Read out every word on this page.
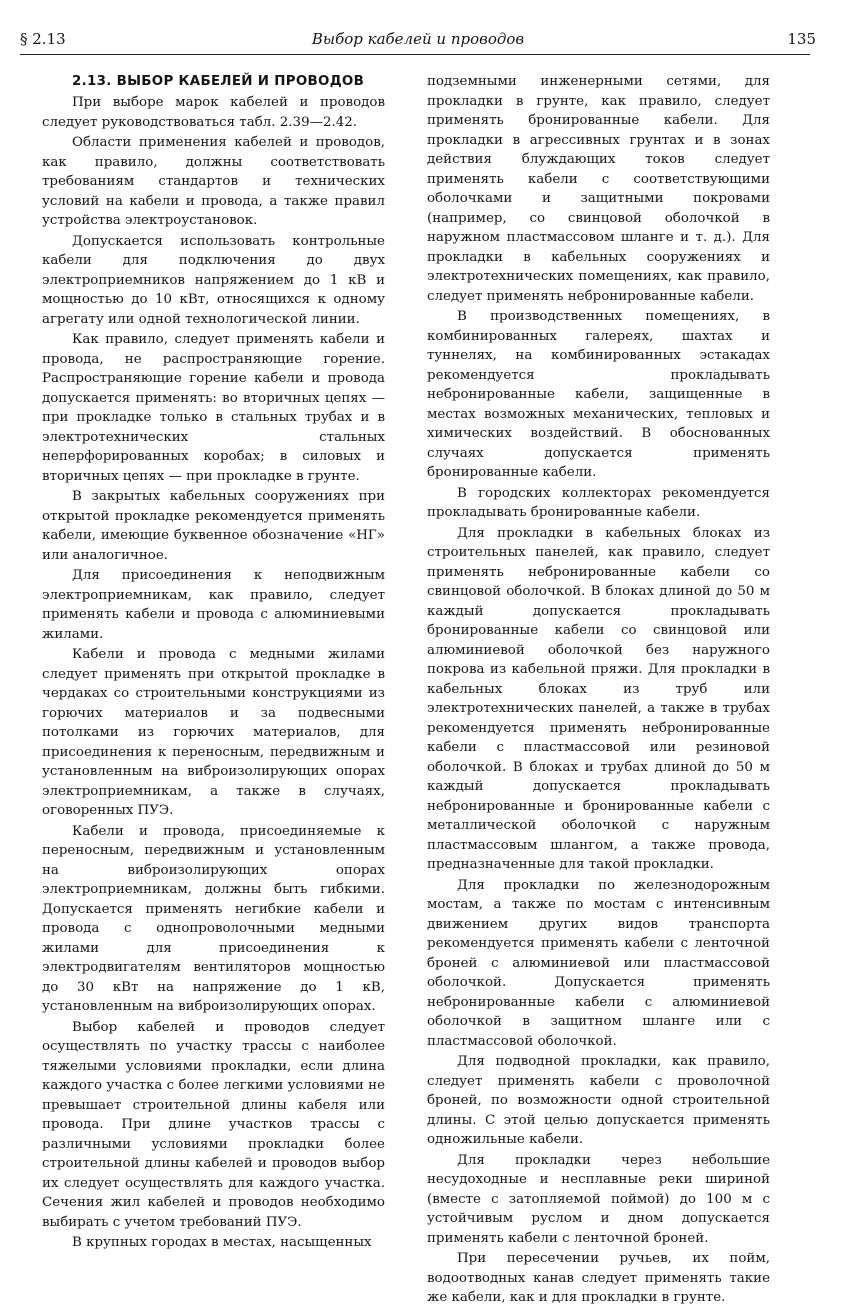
§ 2.13	Выбор кабелей и проводов	135

2.13. ВЫБОР КАБЕЛЕЙ И ПРОВОДОВ

При выборе марок кабелей и проводов следует руководствоваться табл. 2.39—2.42.

Области применения кабелей и проводов, как правило, должны соответствовать требованиям стандартов и технических условий на кабели и провода, а также правил устройства электроустановок.

Допускается использовать контрольные кабели для подключения до двух электроприемников напряжением до 1 кВ и мощностью до 10 кВт, относящихся к одному агрегату или одной технологической линии.

Как правило, следует применять кабели и провода, не распространяющие горение. Распространяющие горение кабели и провода допускается применять: во вторичных цепях — при прокладке только в стальных трубах и в электротехнических стальных неперфорированных коробах; в силовых и вторичных цепях — при прокладке в грунте.

В закрытых кабельных сооружениях при открытой прокладке рекомендуется применять кабели, имеющие буквенное обозначение «НГ» или аналогичное.

Для присоединения к неподвижным электроприемникам, как правило, следует применять кабели и провода с алюминиевыми жилами.

Кабели и провода с медными жилами следует применять при открытой прокладке в чердаках со строительными конструкциями из горючих материалов и за подвесными потолками из горючих материалов, для присоединения к переносным, передвижным и установленным на виброизолирующих опорах электроприемникам, а также в случаях, оговоренных ПУЭ.

Кабели и провода, присоединяемые к переносным, передвижным и установленным на виброизолирующих опорах электроприемникам, должны быть гибкими. Допускается применять негибкие кабели и провода с однопроволочными медными жилами для присоединения к электродвигателям вентиляторов мощностью до 30 кВт на напряжение до 1 кВ, установленным на виброизолирующих опорах.

Выбор кабелей и проводов следует осуществлять по участку трассы с наиболее тяжелыми условиями прокладки, если длина каждого участка с более легкими условиями не превышает строительной длины кабеля или провода. При длине участков трассы с различными условиями прокладки более строительной длины кабелей и проводов выбор их следует осуществлять для каждого участка. Сечения жил кабелей и проводов необходимо выбирать с учетом требований ПУЭ.

В крупных городах в местах, насыщенных

подземными инженерными сетями, для прокладки в грунте, как правило, следует применять бронированные кабели. Для прокладки в агрессивных грунтах и в зонах действия блуждающих токов следует применять кабели с соответствующими оболочками и защитными покровами (например, со свинцовой оболочкой в наружном пластмассовом шланге и т. д.). Для прокладки в кабельных сооружениях и электротехнических помещениях, как правило, следует применять небронированные кабели.

В производственных помещениях, в комбинированных галереях, шахтах и туннелях, на комбинированных эстакадах рекомендуется прокладывать небронированные кабели, защищенные в местах возможных механических, тепловых и химических воздействий. В обоснованных случаях допускается применять бронированные кабели.

В городских коллекторах рекомендуется прокладывать бронированные кабели.

Для прокладки в кабельных блоках из строительных панелей, как правило, следует применять небронированные кабели со свинцовой оболочкой. В блоках длиной до 50 м каждый допускается прокладывать бронированные кабели со свинцовой или алюминиевой оболочкой без наружного покрова из кабельной пряжи. Для прокладки в кабельных блоках из труб или электротехнических панелей, а также в трубах рекомендуется применять небронированные кабели с пластмассовой или резиновой оболочкой. В блоках и трубах длиной до 50 м каждый допускается прокладывать небронированные и бронированные кабели с металлической оболочкой с наружным пластмассовым шлангом, а также провода, предназначенные для такой прокладки.

Для прокладки по железнодорожным мостам, а также по мостам с интенсивным движением других видов транспорта рекомендуется применять кабели с ленточной броней с алюминиевой или пластмассовой оболочкой. Допускается применять небронированные кабели с алюминиевой оболочкой в защитном шланге или с пластмассовой оболочкой.

Для подводной прокладки, как правило, следует применять кабели с проволочной броней, по возможности одной строительной длины. С этой целью допускается применять одножильные кабели.

Для прокладки через небольшие несудоходные и несплавные реки шириной (вместе с затопляемой поймой) до 100 м с устойчивым руслом и дном допускается применять кабели с ленточной броней.

При пересечении ручьев, их пойм, водоотводных канав следует применять такие же кабели, как и для прокладки в грунте.
